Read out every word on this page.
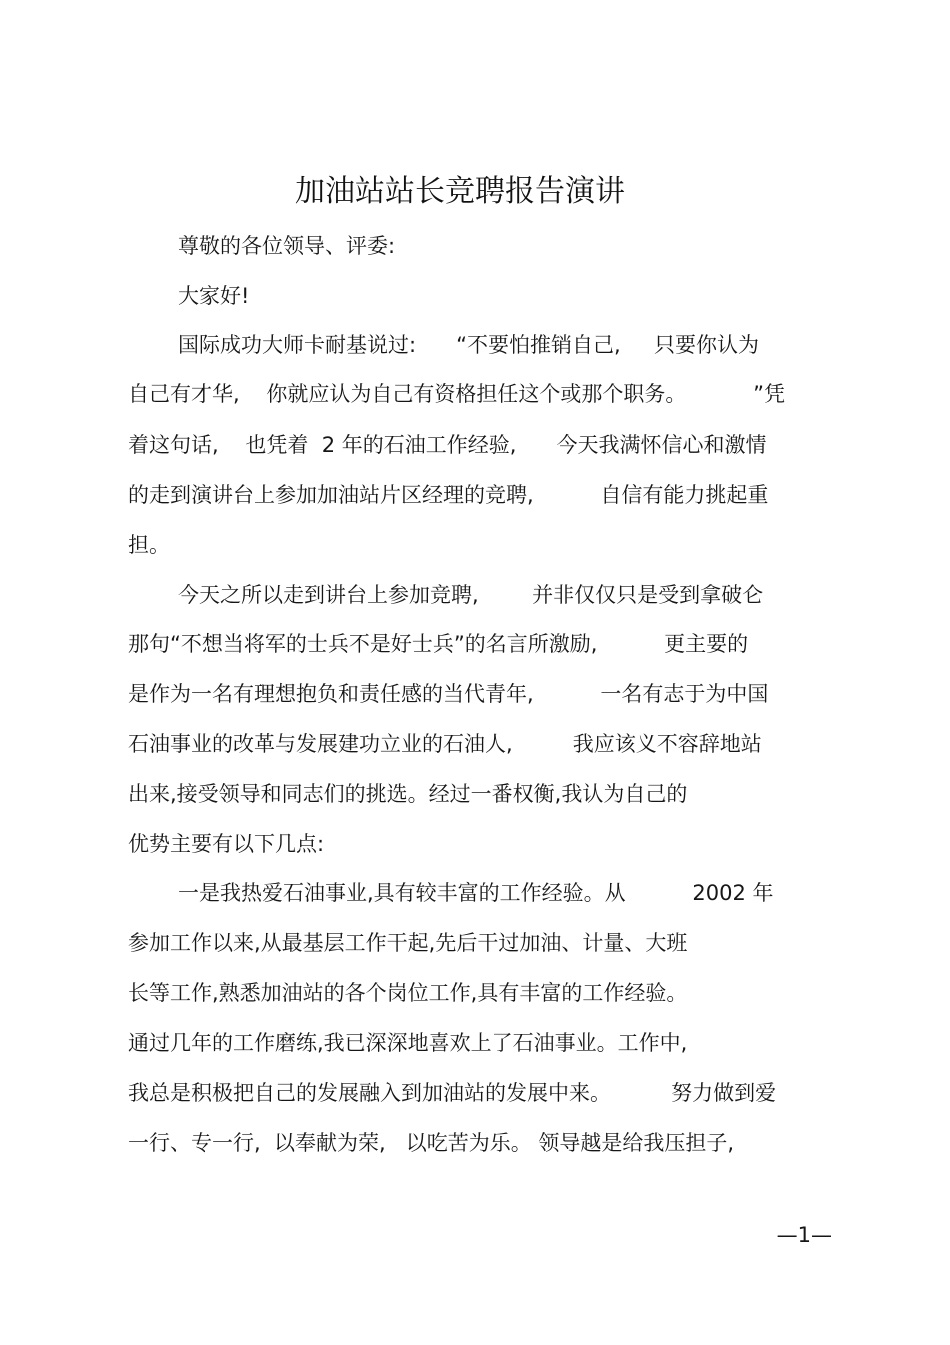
加油站站长竞聘报告演讲
尊敬的各位领导、评委:
大家好!
国际成功大师卡耐基说过:      “不要怕推销自己,     只要你认为
自己有才华,    你就应认为自己有资格担任这个或那个职务。          ”凭
着这句话,    也凭着  2 年的石油工作经验,      今天我满怀信心和激情
的走到演讲台上参加加油站片区经理的竞聘,          自信有能力挑起重
担。
今天之所以走到讲台上参加竞聘,        并非仅仅只是受到拿破仑
那句“不想当将军的士兵不是好士兵”的名言所激励,          更主要的
是作为一名有理想抱负和责任感的当代青年,          一名有志于为中国
石油事业的改革与发展建功立业的石油人,         我应该义不容辞地站
出来,接受领导和同志们的挑选。经过一番权衡,我认为自己的
优势主要有以下几点:
一是我热爱石油事业,具有较丰富的工作经验。从          2002 年
参加工作以来,从最基层工作干起,先后干过加油、计量、大班
长等工作,熟悉加油站的各个岗位工作,具有丰富的工作经验。
通过几年的工作磨练,我已深深地喜欢上了石油事业。工作中,
我总是积极把自己的发展融入到加油站的发展中来。         努力做到爱
一行、专一行,  以奉献为荣,   以吃苦为乐。 领导越是给我压担子,
—1—
